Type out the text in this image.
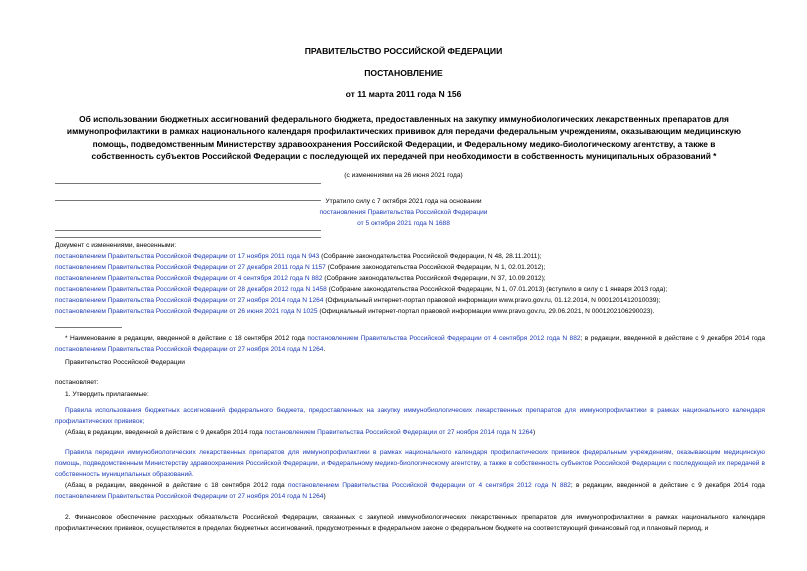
ПРАВИТЕЛЬСТВО РОССИЙСКОЙ ФЕДЕРАЦИИ
ПОСТАНОВЛЕНИЕ
от 11 марта 2011 года N 156
Об использовании бюджетных ассигнований федерального бюджета, предоставленных на закупку иммунобиологических лекарственных препаратов для
иммунопрофилактики в рамках национального календаря профилактических прививок для передачи федеральным учреждениям, оказывающим медицинскую
помощь, подведомственным Министерству здравоохранения Российской Федерации, и Федеральному медико-биологическому агентству, а также в
собственность субъектов Российской Федерации с последующей их передачей при необходимости в собственность муниципальных образований *
(с изменениями на 26 июня 2021 года)
Утратило силу с 7 октября 2021 года на основании
постановления Правительства Российской Федерации
от 5 октября 2021 года N 1688
Документ с изменениями, внесенными:
постановлением Правительства Российской Федерации от 17 ноября 2011 года N 943 (Собрание законодательства Российской Федерации, N 48, 28.11.2011);
постановлением Правительства Российской Федерации от 27 декабря 2011 года N 1157 (Собрание законодательства Российской Федерации, N 1, 02.01.2012);
постановлением Правительства Российской Федерации от 4 сентября 2012 года N 882 (Собрание законодательства Российской Федерации, N 37, 10.09.2012);
постановлением Правительства Российской Федерации от 28 декабря 2012 года N 1458 (Собрание законодательства Российской Федерации, N 1, 07.01.2013) (вступило в силу с 1 января 2013 года);
постановлением Правительства Российской Федерации от 27 ноября 2014 года N 1264 (Официальный интернет-портал правовой информации www.pravo.gov.ru, 01.12.2014, N 0001201412010039);
постановлением Правительства Российской Федерации от 26 июня 2021 года N 1025 (Официальный интернет-портал правовой информации www.pravo.gov.ru, 29.06.2021, N 0001202106290023).
* Наименование в редакции, введенной в действие с 18 сентября 2012 года постановлением Правительства Российской Федерации от 4 сентября 2012 года N 882; в редакции, введенной в действие с 9 декабря 2014 года постановлением Правительства Российской Федерации от 27 ноября 2014 года N 1264.
Правительство Российской Федерации
постановляет:
1. Утвердить прилагаемые:
Правила использования бюджетных ассигнований федерального бюджета, предоставленных на закупку иммунобиологических лекарственных препаратов для иммунопрофилактики в рамках национального календаря профилактических прививок;
(Абзац в редакции, введенной в действие с 9 декабря 2014 года постановлением Правительства Российской Федерации от 27 ноября 2014 года N 1264)
Правила передачи иммунобиологических лекарственных препаратов для иммунопрофилактики в рамках национального календаря профилактических прививок федеральным учреждениям, оказывающим медицинскую помощь, подведомственным Министерству здравоохранения Российской Федерации, и Федеральному медико-биологическому агентству, а также в собственность субъектов Российской Федерации с последующей их передачей в собственность муниципальных образований.
(Абзац в редакции, введенной в действие с 18 сентября 2012 года постановлением Правительства Российской Федерации от 4 сентября 2012 года N 882; в редакции, введенной в действие с 9 декабря 2014 года постановлением Правительства Российской Федерации от 27 ноября 2014 года N 1264)
2. Финансовое обеспечение расходных обязательств Российской Федерации, связанных с закупкой иммунобиологических лекарственных препаратов для иммунопрофилактики в рамках национального календаря профилактических прививок, осуществляется в пределах бюджетных ассигнований, предусмотренных в федеральном законе о федеральном бюджете на соответствующий финансовый год и плановый период, и
